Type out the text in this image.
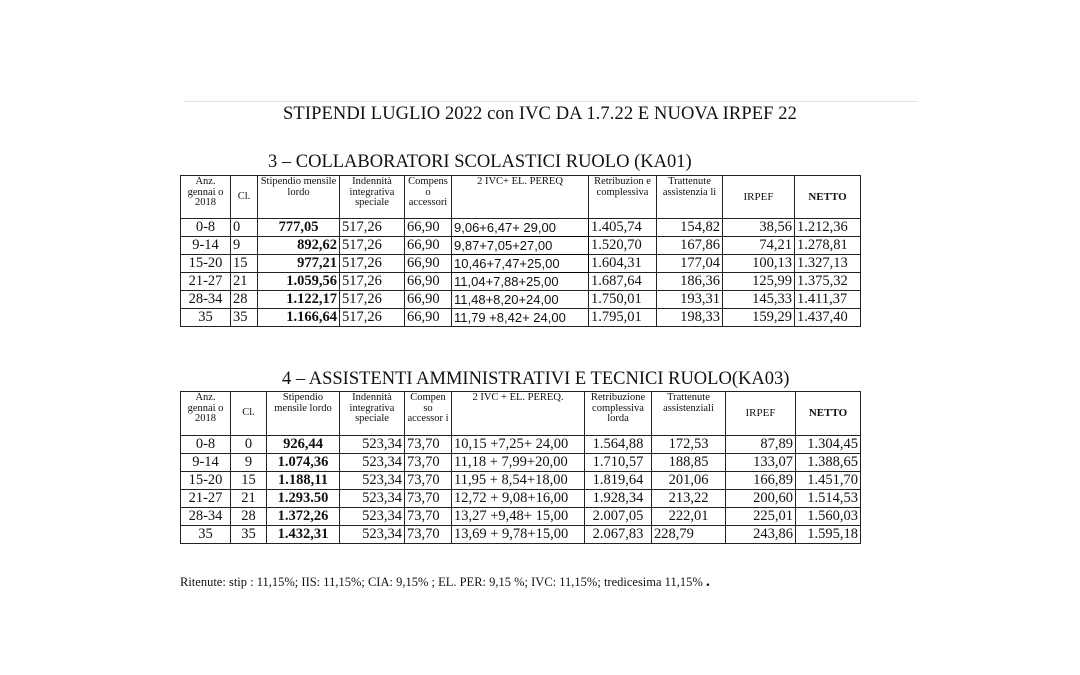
STIPENDI LUGLIO 2022 con IVC DA 1.7.22 E NUOVA IRPEF 22
3 – COLLABORATORI SCOLASTICI RUOLO (KA01)
Anz. gennai o 2018	Cl.	Stipendio mensile lordo	Indennità integrativa speciale	Compens o accessori	2 IVC+ EL. PEREQ	Retribuzion e complessiva	Trattenute assistenzia li	IRPEF	NETTO
0-8	0	777,05	517,26	66,90	9,06+6,47+ 29,00	1.405,74	154,82	38,56	1.212,36
9-14	9	892,62	517,26	66,90	9,87+7,05+27,00	1.520,70	167,86	74,21	1.278,81
15-20	15	977,21	517,26	66,90	10,46+7,47+25,00	1.604,31	177,04	100,13	1.327,13
21-27	21	1.059,56	517,26	66,90	11,04+7,88+25,00	1.687,64	186,36	125,99	1.375,32
28-34	28	1.122,17	517,26	66,90	11,48+8,20+24,00	1.750,01	193,31	145,33	1.411,37
35	35	1.166,64	517,26	66,90	11,79 +8,42+ 24,00	1.795,01	198,33	159,29	1.437,40
4 – ASSISTENTI AMMINISTRATIVI E TECNICI RUOLO(KA03)
Anz. gennai o 2018	Cl.	Stipendio mensile lordo	Indennità integrativa speciale	Compen so accessor i	2 IVC + EL. PEREQ.	Retribuzione complessiva lorda	Trattenute assistenziali	IRPEF	NETTO
0-8	0	926,44	523,34	73,70	10,15 +7,25+ 24,00	1.564,88	172,53	87,89	1.304,45
9-14	9	1.074,36	523,34	73,70	11,18 + 7,99+20,00	1.710,57	188,85	133,07	1.388,65
15-20	15	1.188,11	523,34	73,70	11,95 + 8,54+18,00	1.819,64	201,06	166,89	1.451,70
21-27	21	1.293.50	523,34	73,70	12,72 + 9,08+16,00	1.928,34	213,22	200,60	1.514,53
28-34	28	1.372,26	523,34	73,70	13,27 +9,48+ 15,00	2.007,05	222,01	225,01	1.560,03
35	35	1.432,31	523,34	73,70	13,69 + 9,78+15,00	2.067,83	228,79	243,86	1.595,18
Ritenute: stip : 11,15%; IIS: 11,15%; CIA: 9,15% ; EL. PER: 9,15 %; IVC: 11,15%; tredicesima 11,15% .
